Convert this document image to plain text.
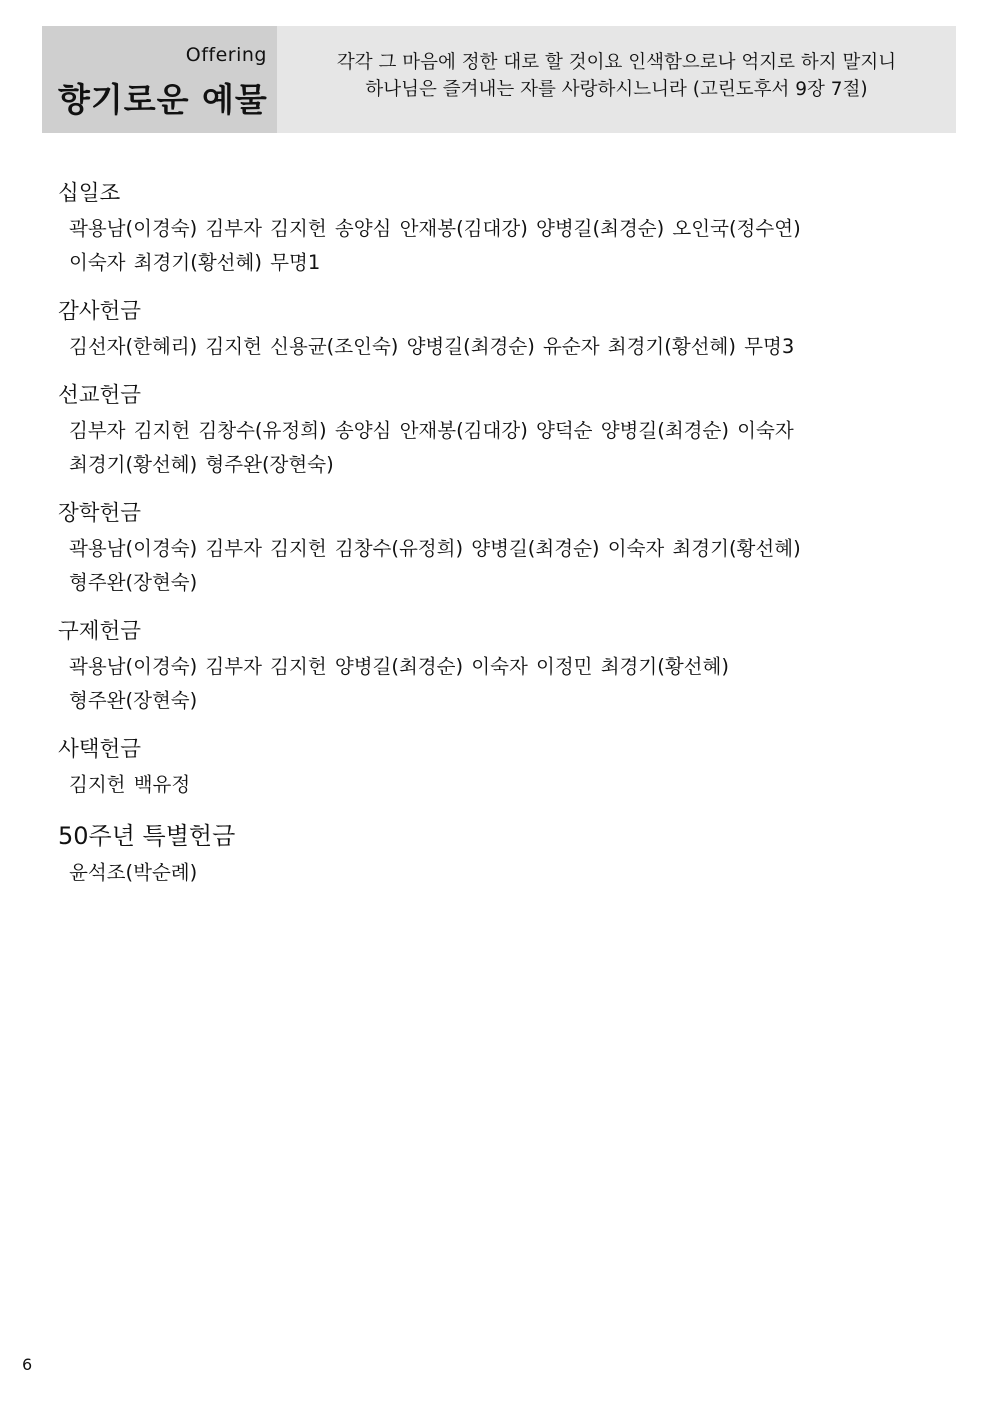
Offering
향기로운 예물
각각 그 마음에 정한 대로 할 것이요 인색함으로나 억지로 하지 말지니
하나님은 즐겨내는 자를 사랑하시느니라 (고린도후서 9장 7절)
십일조
곽용남(이경숙) 김부자 김지헌 송양심 안재봉(김대강) 양병길(최경순) 오인국(정수연)
이숙자 최경기(황선혜) 무명1
감사헌금
김선자(한혜리) 김지헌 신용균(조인숙) 양병길(최경순) 유순자 최경기(황선혜) 무명3
선교헌금
김부자 김지헌 김창수(유정희) 송양심 안재봉(김대강) 양덕순 양병길(최경순) 이숙자
최경기(황선혜) 형주완(장현숙)
장학헌금
곽용남(이경숙) 김부자 김지헌 김창수(유정희) 양병길(최경순) 이숙자 최경기(황선혜)
형주완(장현숙)
구제헌금
곽용남(이경숙) 김부자 김지헌 양병길(최경순) 이숙자 이정민 최경기(황선혜)
형주완(장현숙)
사택헌금
김지헌 백유정
50주년 특별헌금
윤석조(박순례)
6
